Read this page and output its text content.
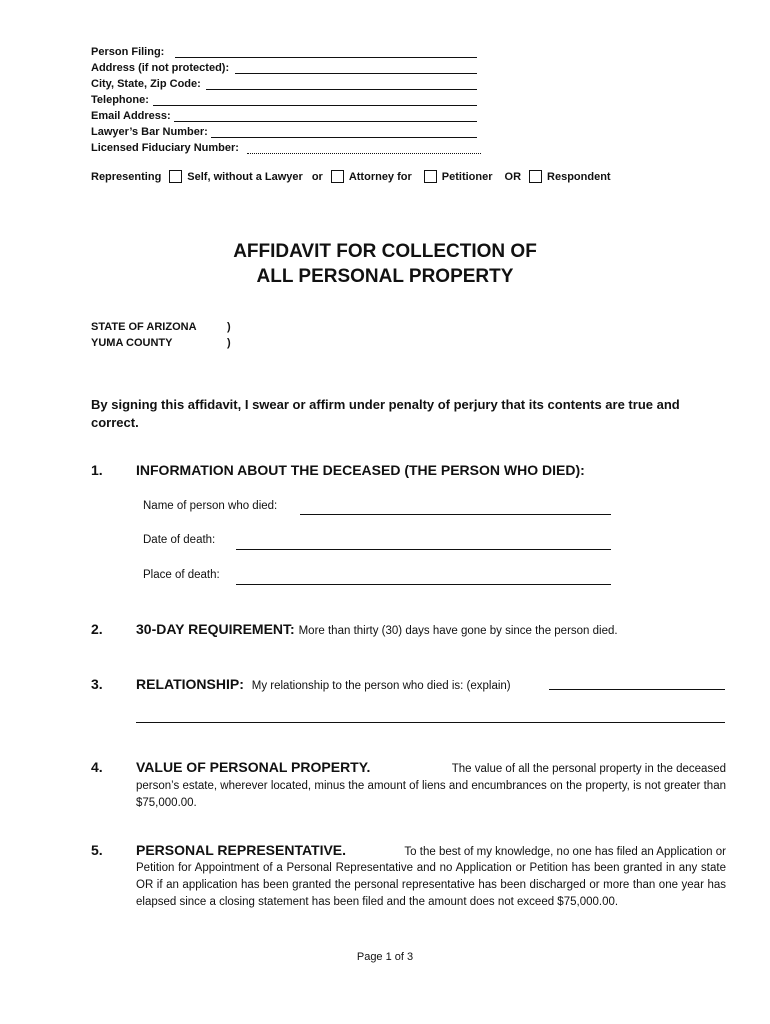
Person Filing:
Address (if not protected):
City, State, Zip Code:
Telephone:
Email Address:
Lawyer’s Bar Number:
Licensed Fiduciary Number:
Representing Self, without a Lawyer or Attorney for	Petitioner OR Respondent
AFFIDAVIT FOR COLLECTION OF
ALL PERSONAL PROPERTY
STATE OF ARIZONA	)
YUMA COUNTY	)
By signing this affidavit, I swear or affirm under penalty of perjury that its contents are true and correct.
1. INFORMATION ABOUT THE DECEASED (THE PERSON WHO DIED):
Name of person who died:
Date of death:
Place of death:
2. 30-DAY REQUIREMENT: More than thirty (30) days have gone by since the person died.
3. RELATIONSHIP: My relationship to the person who died is: (explain)
4. VALUE OF PERSONAL PROPERTY.	The value of all the personal property in the deceased
person’s estate, wherever located, minus the amount of liens and encumbrances on the property, is not greater than $75,000.00.
5. PERSONAL REPRESENTATIVE.	To the best of my knowledge, no one has filed an Application or
Petition for Appointment of a Personal Representative and no Application or Petition has been granted in any state OR if an application has been granted the personal representative has been discharged or more than one year has elapsed since a closing statement has been filed and the amount does not exceed $75,000.00.
Page 1 of 3
